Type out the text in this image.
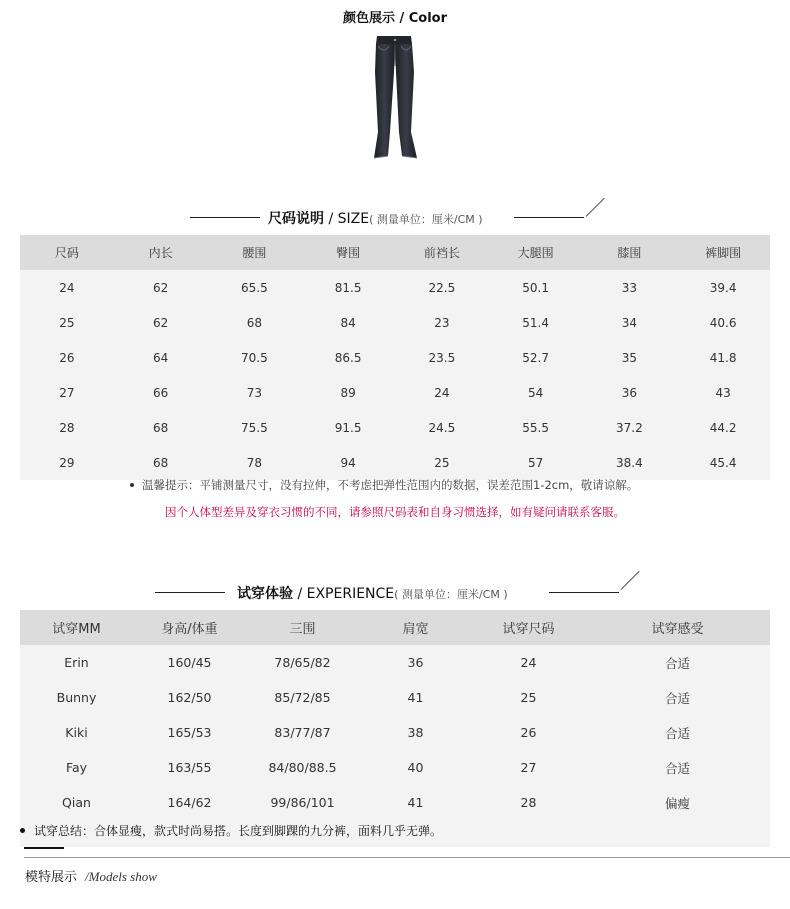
颜色展示 / Color
尺码说明 / SIZE( 测量单位：厘米/CM )
尺码	内长	腰围	臀围	前裆长	大腿围	膝围	裤脚围
24	62	65.5	81.5	22.5	50.1	33	39.4
25	62	68	84	23	51.4	34	40.6
26	64	70.5	86.5	23.5	52.7	35	41.8
27	66	73	89	24	54	36	43
28	68	75.5	91.5	24.5	55.5	37.2	44.2
29	68	78	94	25	57	38.4	45.4
温馨提示：平铺测量尺寸，没有拉伸，不考虑把弹性范围内的数据，误差范围1-2cm，敬请谅解。
因个人体型差异及穿衣习惯的不同，请参照尺码表和自身习惯选择，如有疑问请联系客服。
试穿体验 / EXPERIENCE( 测量单位：厘米/CM )
试穿MM	身高/体重	三围	肩宽	试穿尺码	试穿感受
Erin	160/45	78/65/82	36	24	合适
Bunny	162/50	85/72/85	41	25	合适
Kiki	165/53	83/77/87	38	26	合适
Fay	163/55	84/80/88.5	40	27	合适
Qian	164/62	99/86/101	41	28	偏瘦
试穿总结：合体显瘦，款式时尚易搭。长度到脚踝的九分裤，面料几乎无弹。
模特展示 /Models show
